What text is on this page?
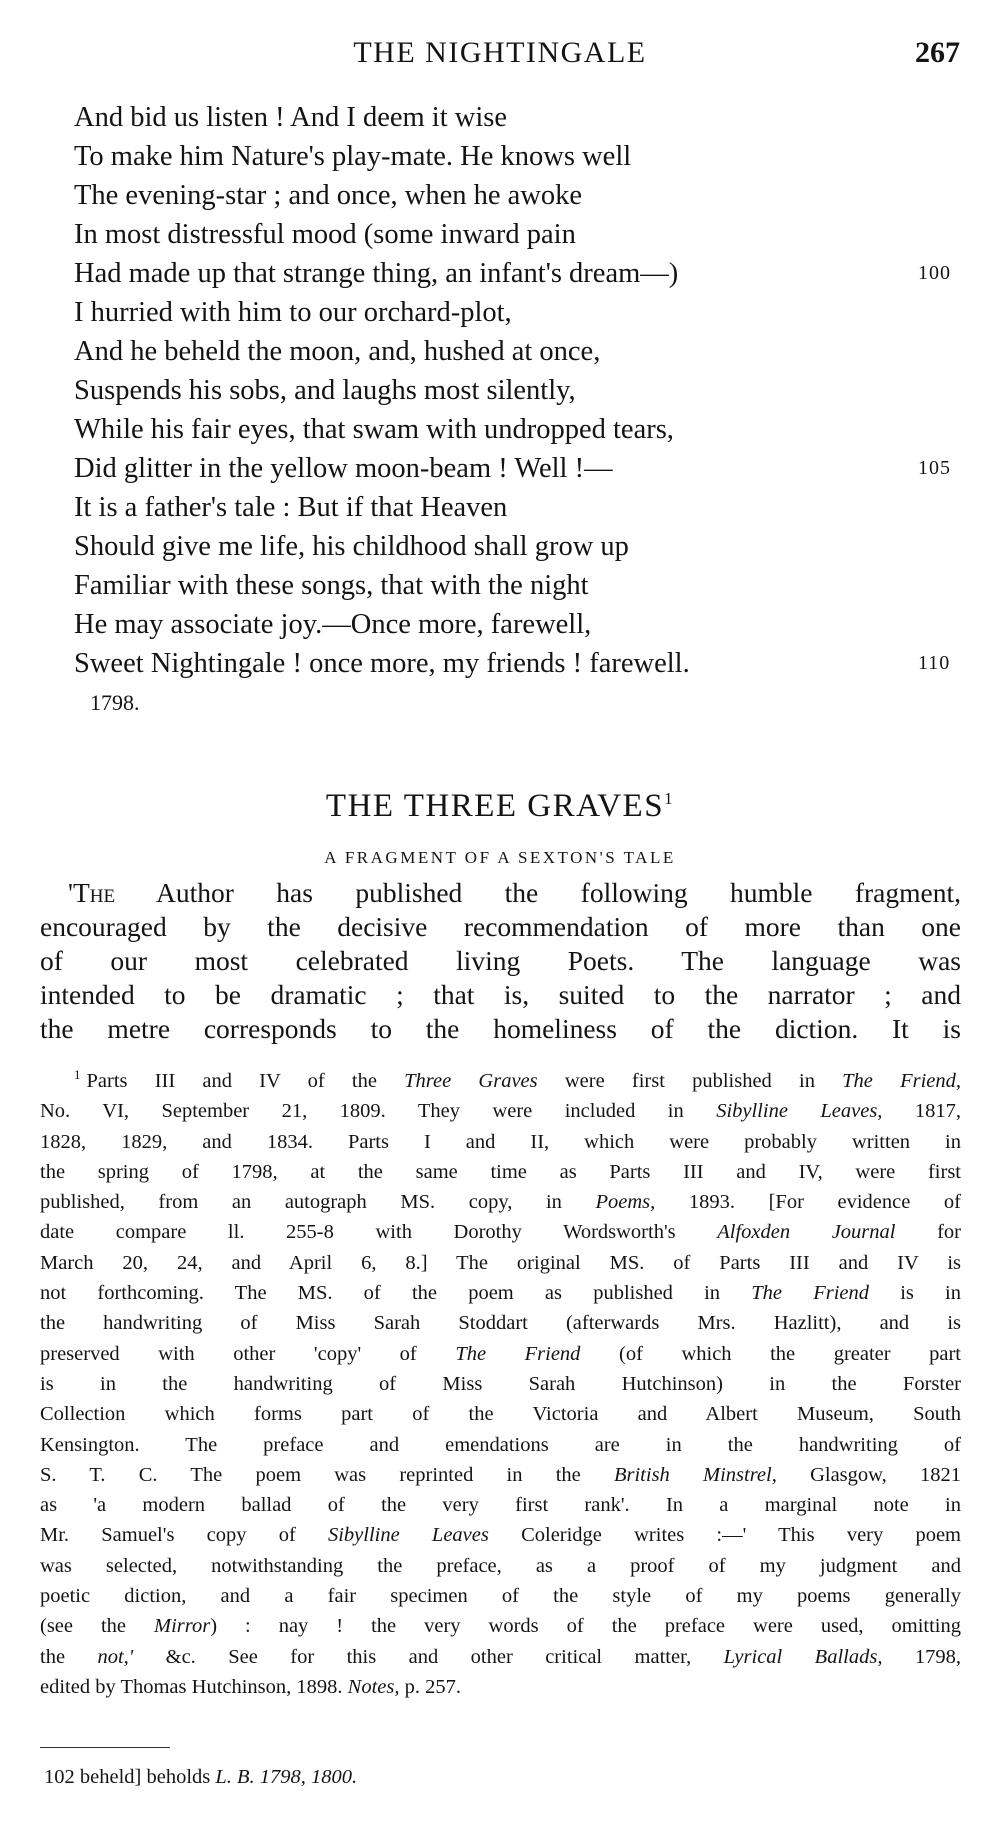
THE NIGHTINGALE	267
And bid us listen ! And I deem it wise
To make him Nature's play-mate. He knows well
The evening-star ; and once, when he awoke
In most distressful mood (some inward pain
Had made up that strange thing, an infant's dream—)	100
I hurried with him to our orchard-plot,
And he beheld the moon, and, hushed at once,
Suspends his sobs, and laughs most silently,
While his fair eyes, that swam with undropped tears,
Did glitter in the yellow moon-beam ! Well !—	105
It is a father's tale : But if that Heaven
Should give me life, his childhood shall grow up
Familiar with these songs, that with the night
He may associate joy.—Once more, farewell,
Sweet Nightingale ! once more, my friends ! farewell.	110
1798.
THE THREE GRAVES$^1$
A FRAGMENT OF A SEXTON'S TALE
'The Author has published the following humble fragment,
encouraged by the decisive recommendation of more than one
of our most celebrated living Poets. The language was
intended to be dramatic ; that is, suited to the narrator ; and
the metre corresponds to the homeliness of the diction. It is
$^1$ Parts III and IV of the Three Graves were first published in The Friend,
No. VI, September 21, 1809. They were included in Sibylline Leaves, 1817,
1828, 1829, and 1834. Parts I and II, which were probably written in
the spring of 1798, at the same time as Parts III and IV, were first
published, from an autograph MS. copy, in Poems, 1893. [For evidence of
date compare ll. 255-8 with Dorothy Wordsworth's Alfoxden Journal for
March 20, 24, and April 6, 8.] The original MS. of Parts III and IV is
not forthcoming. The MS. of the poem as published in The Friend is in
the handwriting of Miss Sarah Stoddart (afterwards Mrs. Hazlitt), and is
preserved with other 'copy' of The Friend (of which the greater part
is in the handwriting of Miss Sarah Hutchinson) in the Forster
Collection which forms part of the Victoria and Albert Museum, South
Kensington. The preface and emendations are in the handwriting of
S. T. C. The poem was reprinted in the British Minstrel, Glasgow, 1821
as 'a modern ballad of the very first rank'. In a marginal note in
Mr. Samuel's copy of Sibylline Leaves Coleridge writes :—' This very poem
was selected, notwithstanding the preface, as a proof of my judgment and
poetic diction, and a fair specimen of the style of my poems generally
(see the Mirror) : nay ! the very words of the preface were used, omitting
the not,' &c. See for this and other critical matter, Lyrical Ballads, 1798,
edited by Thomas Hutchinson, 1898. Notes, p. 257.
102 beheld] beholds L. B. 1798, 1800.
